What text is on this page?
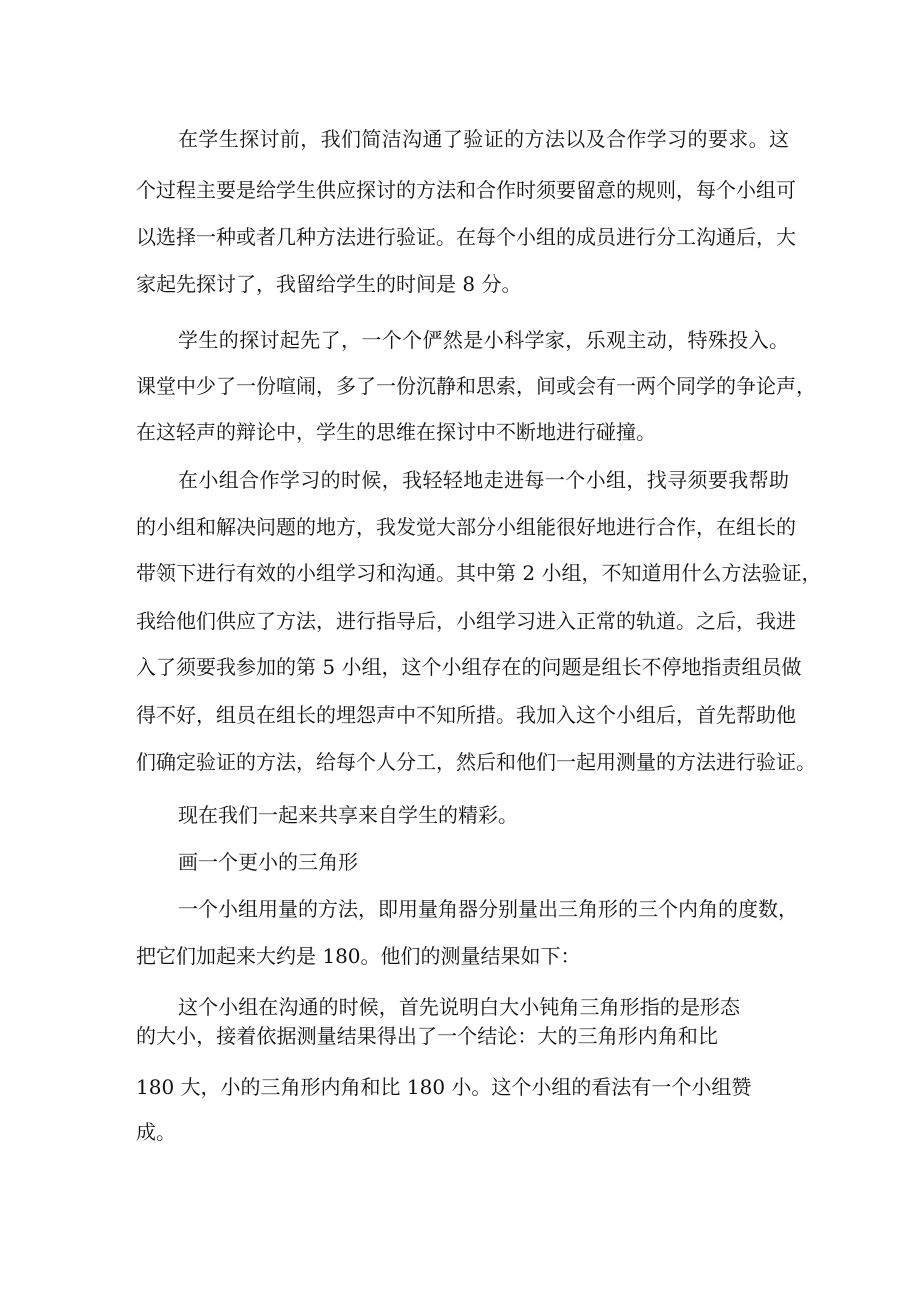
在学生探讨前，我们简洁沟通了验证的方法以及合作学习的要求。这
个过程主要是给学生供应探讨的方法和合作时须要留意的规则，每个小组可
以选择一种或者几种方法进行验证。在每个小组的成员进行分工沟通后，大
家起先探讨了，我留给学生的时间是 8 分。
学生的探讨起先了，一个个俨然是小科学家，乐观主动，特殊投入。
课堂中少了一份喧闹，多了一份沉静和思索，间或会有一两个同学的争论声，
在这轻声的辩论中，学生的思维在探讨中不断地进行碰撞。
在小组合作学习的时候，我轻轻地走进每一个小组，找寻须要我帮助
的小组和解决问题的地方，我发觉大部分小组能很好地进行合作，在组长的
带领下进行有效的小组学习和沟通。其中第 2 小组，不知道用什么方法验证，
我给他们供应了方法，进行指导后，小组学习进入正常的轨道。之后，我进
入了须要我参加的第 5 小组，这个小组存在的问题是组长不停地指责组员做
得不好，组员在组长的埋怨声中不知所措。我加入这个小组后，首先帮助他
们确定验证的方法，给每个人分工，然后和他们一起用测量的方法进行验证。
现在我们一起来共享来自学生的精彩。
画一个更小的三角形
一个小组用量的方法，即用量角器分别量出三角形的三个内角的度数，
把它们加起来大约是 180。他们的测量结果如下：
这个小组在沟通的时候，首先说明白大小钝角三角形指的是形态
的大小，接着依据测量结果得出了一个结论：大的三角形内角和比
180 大，小的三角形内角和比 180 小。这个小组的看法有一个小组赞
成。
